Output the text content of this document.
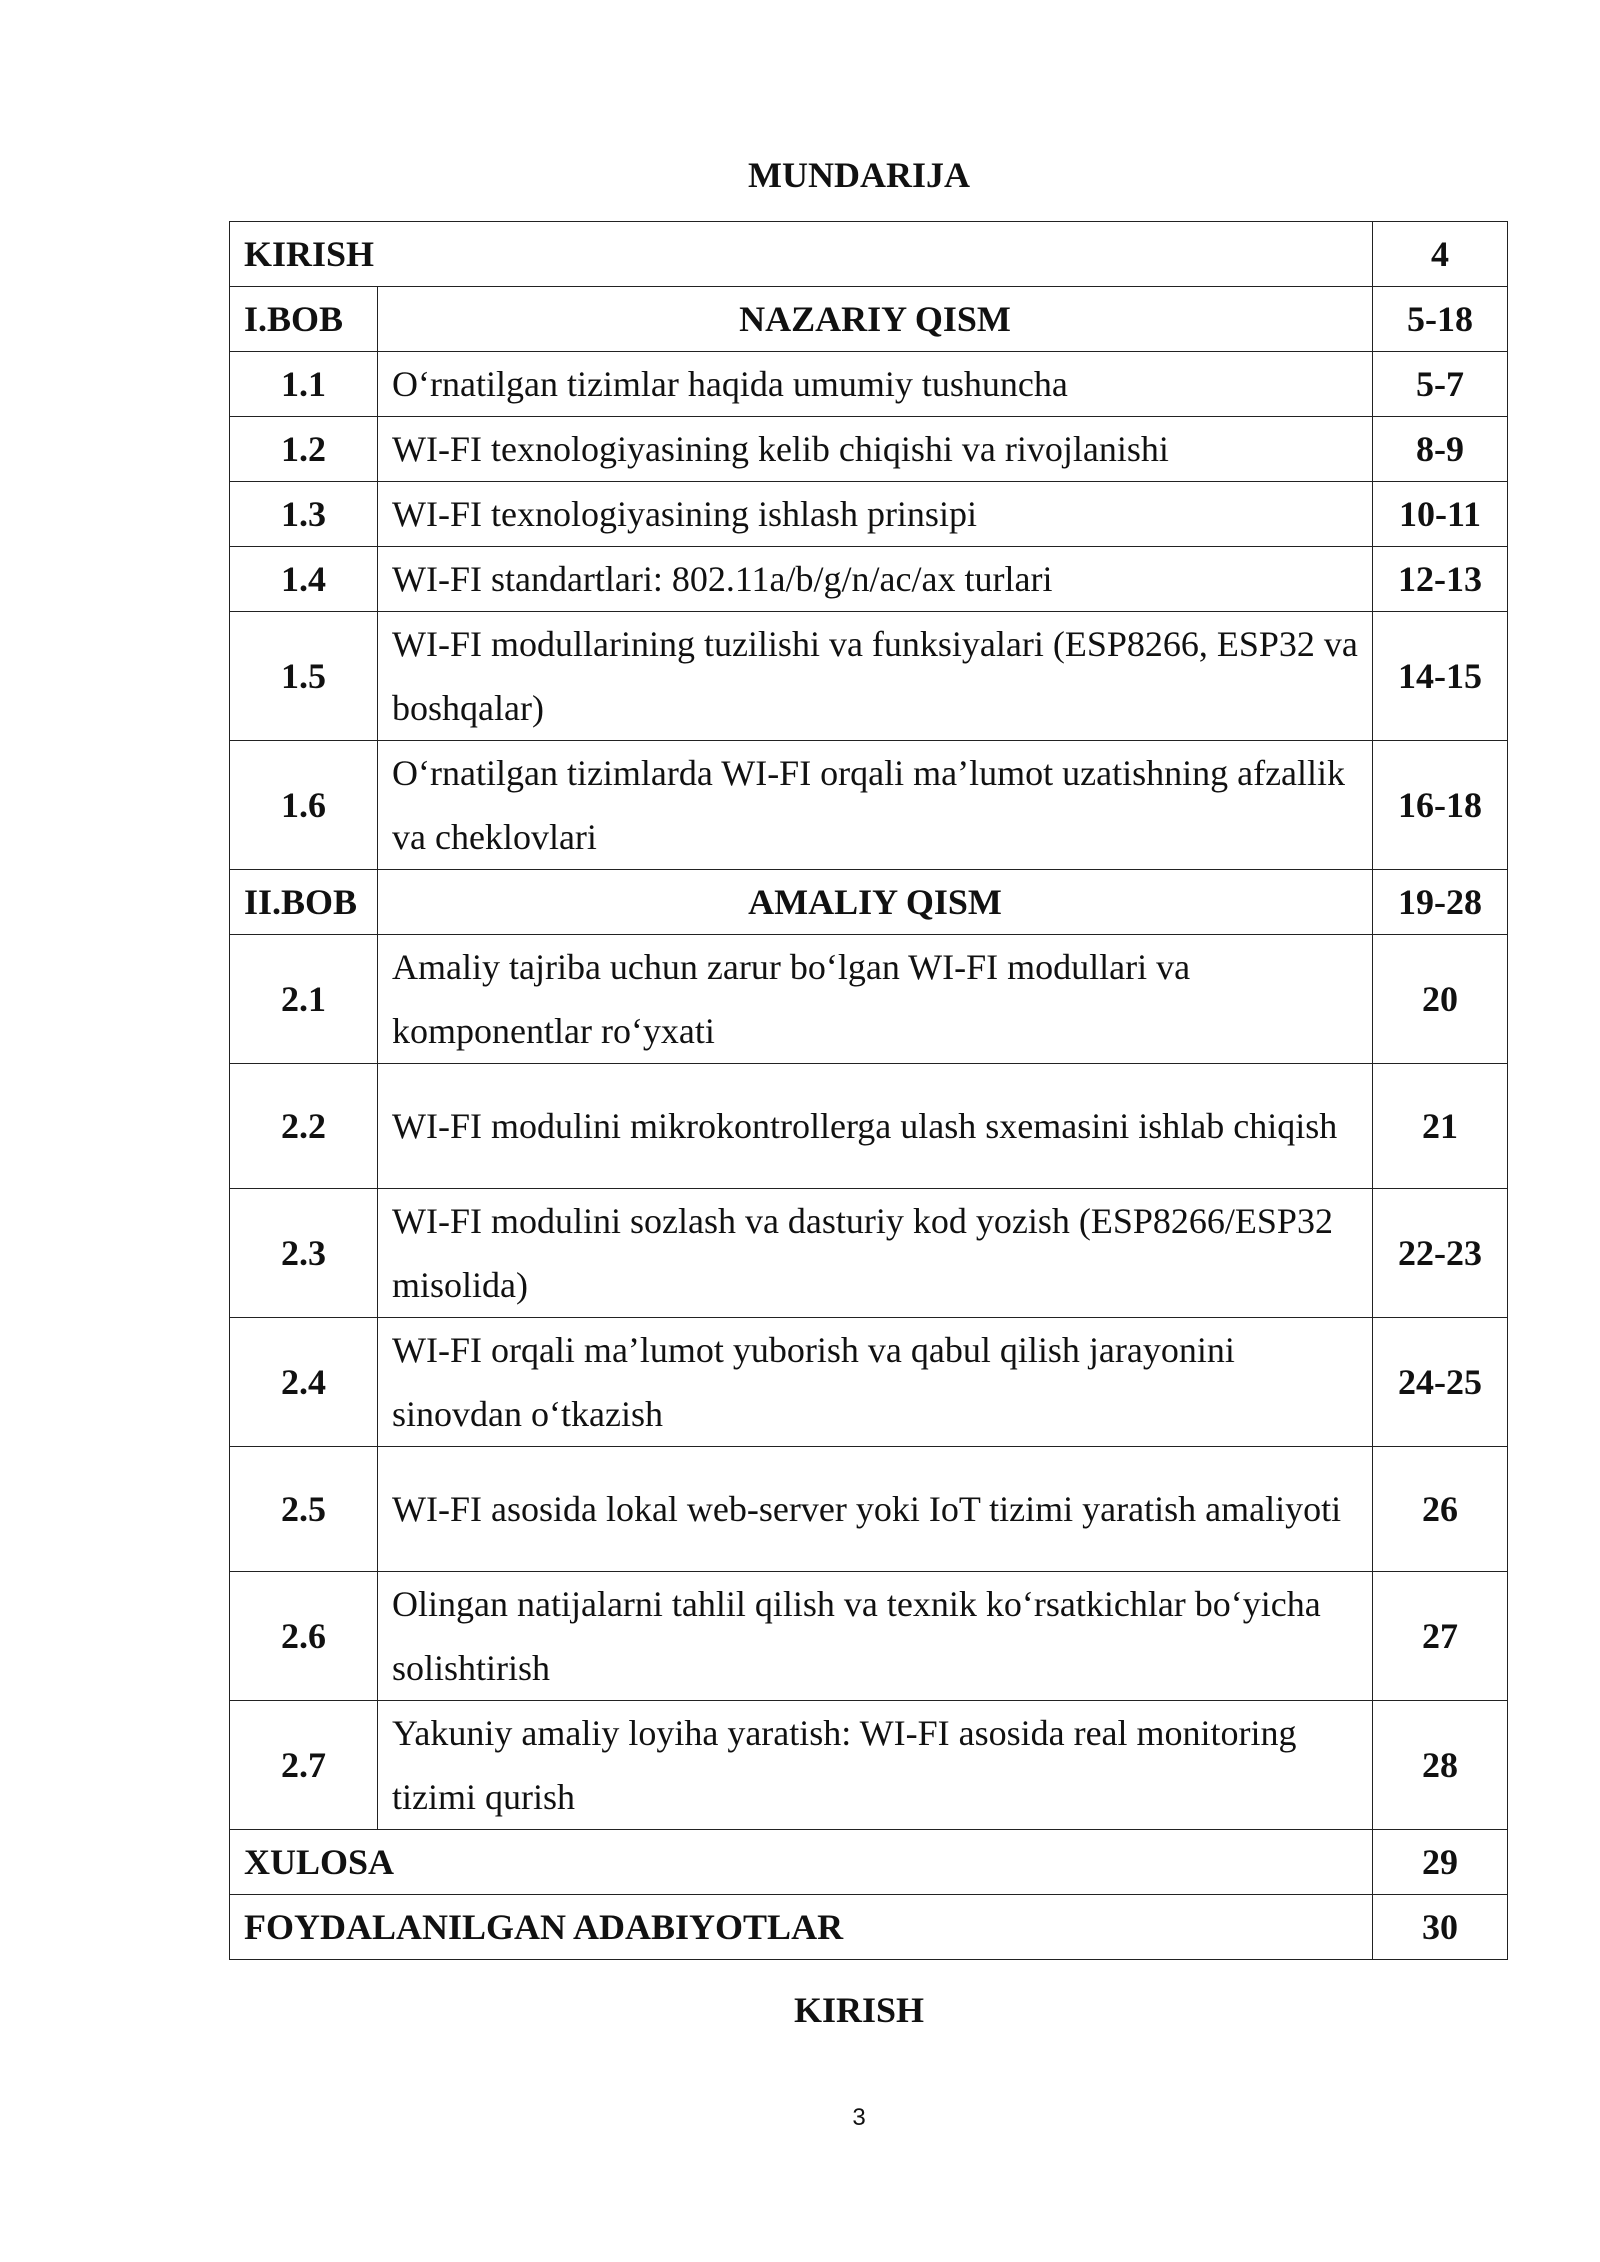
MUNDARIJA
KIRISH		4
I.BOB	NAZARIY QISM	5-18
1.1	O‘rnatilgan tizimlar haqida umumiy tushuncha	5-7
1.2	WI-FI texnologiyasining kelib chiqishi va rivojlanishi	8-9
1.3	WI-FI texnologiyasining ishlash prinsipi	10-11
1.4	WI-FI standartlari: 802.11a/b/g/n/ac/ax turlari	12-13
1.5	WI-FI modullarining tuzilishi va funksiyalari (ESP8266, ESP32 va boshqalar)	14-15
1.6	O‘rnatilgan tizimlarda WI-FI orqali ma’lumot uzatishning afzallik va cheklovlari	16-18
II.BOB	AMALIY QISM	19-28
2.1	Amaliy tajriba uchun zarur bo‘lgan WI-FI modullari va komponentlar ro‘yxati	20
2.2	WI-FI modulini mikrokontrollerga ulash sxemasini ishlab chiqish	21
2.3	WI-FI modulini sozlash va dasturiy kod yozish (ESP8266/ESP32 misolida)	22-23
2.4	WI-FI orqali ma’lumot yuborish va qabul qilish jarayonini sinovdan o‘tkazish	24-25
2.5	WI-FI asosida lokal web-server yoki IoT tizimi yaratish amaliyoti	26
2.6	Olingan natijalarni tahlil qilish va texnik ko‘rsatkichlar bo‘yicha solishtirish	27
2.7	Yakuniy amaliy loyiha yaratish: WI-FI asosida real monitoring tizimi qurish	28
XULOSA		29
FOYDALANILGAN ADABIYOTLAR		30
KIRISH
3
